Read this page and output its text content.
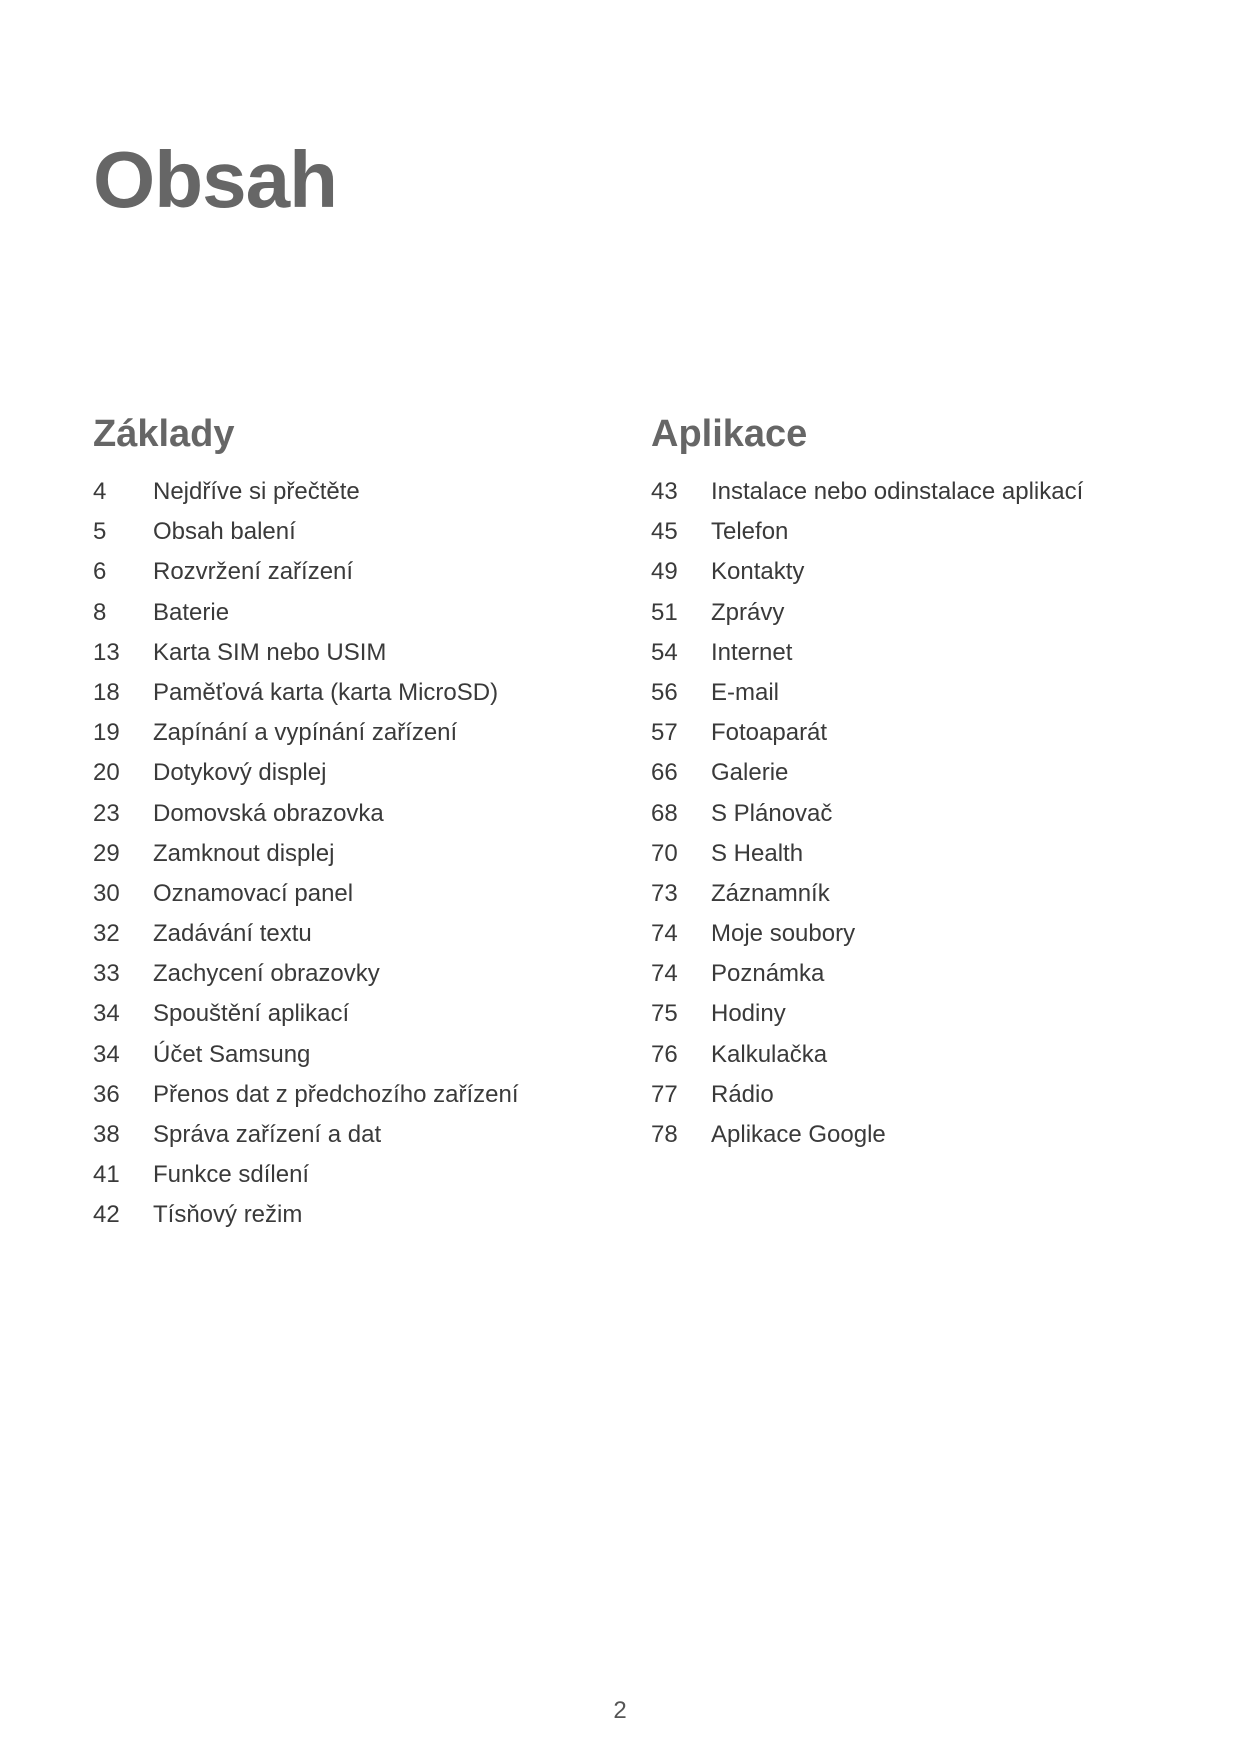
Obsah
Základy
4	Nejdříve si přečtěte
5	Obsah balení
6	Rozvržení zařízení
8	Baterie
13	Karta SIM nebo USIM
18	Paměťová karta (karta MicroSD)
19	Zapínání a vypínání zařízení
20	Dotykový displej
23	Domovská obrazovka
29	Zamknout displej
30	Oznamovací panel
32	Zadávání textu
33	Zachycení obrazovky
34	Spouštění aplikací
34	Účet Samsung
36	Přenos dat z předchozího zařízení
38	Správa zařízení a dat
41	Funkce sdílení
42	Tísňový režim
Aplikace
43	Instalace nebo odinstalace aplikací
45	Telefon
49	Kontakty
51	Zprávy
54	Internet
56	E-mail
57	Fotoaparát
66	Galerie
68	S Plánovač
70	S Health
73	Záznamník
74	Moje soubory
74	Poznámka
75	Hodiny
76	Kalkulačka
77	Rádio
78	Aplikace Google
2
